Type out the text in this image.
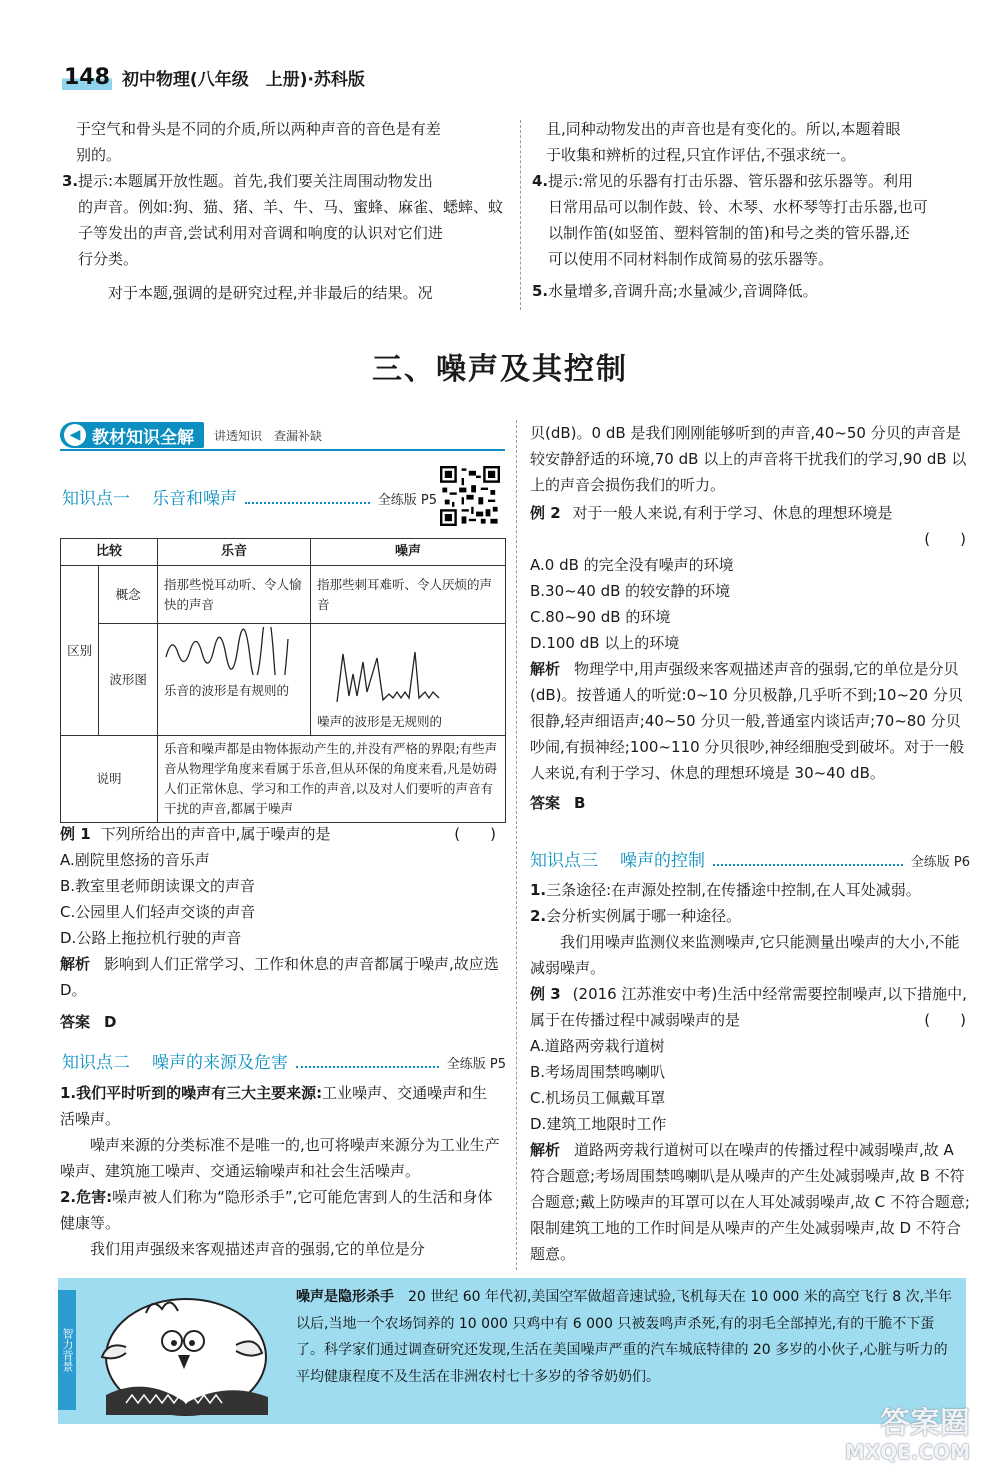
148 初中物理(八年级　上册)·苏科版

于空气和骨头是不同的介质,所以两种声音的音色是有差

别的。

3. 提示:本题属开放性题。首先,我们要关注周围动物发出

的声音。例如:狗、猫、猪、羊、牛、马、蜜蜂、麻雀、蟋蟀、蚊

子等发出的声音,尝试利用对音调和响度的认识对它们进

行分类。

对于本题,强调的是研究过程,并非最后的结果。况

且,同种动物发出的声音也是有变化的。所以,本题着眼

于收集和辨析的过程,只宜作评估,不强求统一。

4. 提示:常见的乐器有打击乐器、管乐器和弦乐器等。利用

日常用品可以制作鼓、铃、木琴、水杯琴等打击乐器,也可

以制作笛(如竖笛、塑料管制的笛)和号之类的管乐器,还

可以使用不同材料制作成简易的弦乐器等。

5. 水量增多,音调升高;水量减少,音调降低。

三、噪声及其控制
◀ 教材知识全解 讲透知识　查漏补缺
知识点一 乐音和噪声	全练版 P5
比较		乐音	噪声
区别	概念	指那些悦耳动听、令人愉快的声音	指那些刺耳难听、令人厌烦的声音
	波形图	乐音的波形是有规则的	噪声的波形是无规则的

说明		乐音和噪声都是由物体振动产生的,并没有严格的界限;有些声音从物理学角度来看属于乐音,但从环保的角度来看,凡是妨碍人们正常休息、学习和工作的声音,以及对人们要听的声音有干扰的声音,都属于噪声	
例 1 下列所给出的声音中,属于噪声的是	(　　)

A.剧院里悠扬的音乐声

B.教室里老师朗读课文的声音

C.公园里人们轻声交谈的声音

D.公路上拖拉机行驶的声音

解析 影响到人们正常学习、工作和休息的声音都属于噪声,故应选 D。

答案 D

知识点二 噪声的来源及危害	全练版 P5

1.我们平时听到的噪声有三大主要来源:工业噪声、交通噪声和生活噪声。

噪声来源的分类标准不是唯一的,也可将噪声来源分为工业生产噪声、建筑施工噪声、交通运输噪声和社会生活噪声。

2.危害:噪声被人们称为“隐形杀手”,它可能危害到人的生活和身体健康等。

我们用声强级来客观描述声音的强弱,它的单位是分

贝(dB)。0 dB 是我们刚刚能够听到的声音,40~50 分贝的声音是较安静舒适的环境,70 dB 以上的声音将干扰我们的学习,90 dB 以上的声音会损伤我们的听力。

例 2 对于一般人来说,有利于学习、休息的理想环境是

(　　)

A.0 dB 的完全没有噪声的环境

B.30~40 dB 的较安静的环境

C.80~90 dB 的环境

D.100 dB 以上的环境

解析 物理学中,用声强级来客观描述声音的强弱,它的单位是分贝(dB)。按普通人的听觉:0~10 分贝极静,几乎听不到;10~20 分贝很静,轻声细语声;40~50 分贝一般,普通室内谈话声;70~80 分贝吵闹,有损神经;100~110 分贝很吵,神经细胞受到破坏。对于一般人来说,有利于学习、休息的理想环境是 30~40 dB。

答案 B

知识点三 噪声的控制	全练版 P6

1.三条途径:在声源处控制,在传播途中控制,在人耳处减弱。

2.会分析实例属于哪一种途径。

我们用噪声监测仪来监测噪声,它只能测量出噪声的大小,不能减弱噪声。

例 3 (2016 江苏淮安中考)生活中经常需要控制噪声,以下措施中,属于在传播过程中减弱噪声的是	(　　)

A.道路两旁栽行道树

B.考场周围禁鸣喇叭

C.机场员工佩戴耳罩

D.建筑工地限时工作

解析 道路两旁栽行道树可以在噪声的传播过程中减弱噪声,故 A 符合题意;考场周围禁鸣喇叭是从噪声的产生处减弱噪声,故 B 不符合题意;戴上防噪声的耳罩可以在人耳处减弱噪声,故 C 不符合题意;限制建筑工地的工作时间是从噪声的产生处减弱噪声,故 D 不符合题意。

智力背景
噪声是隐形杀手 20 世纪 60 年代初,美国空军做超音速试验,飞机每天在 10 000 米的高空飞行 8 次,半年以后,当地一个农场饲养的 10 000 只鸡中有 6 000 只被轰鸣声杀死,有的羽毛全部掉光,有的干脆不下蛋了。科学家们通过调查研究还发现,生活在美国噪声严重的汽车城底特律的 20 多岁的小伙子,心脏与听力的平均健康程度不及生活在非洲农村七十多岁的爷爷奶奶们。
答案圈
MXQE.COM
